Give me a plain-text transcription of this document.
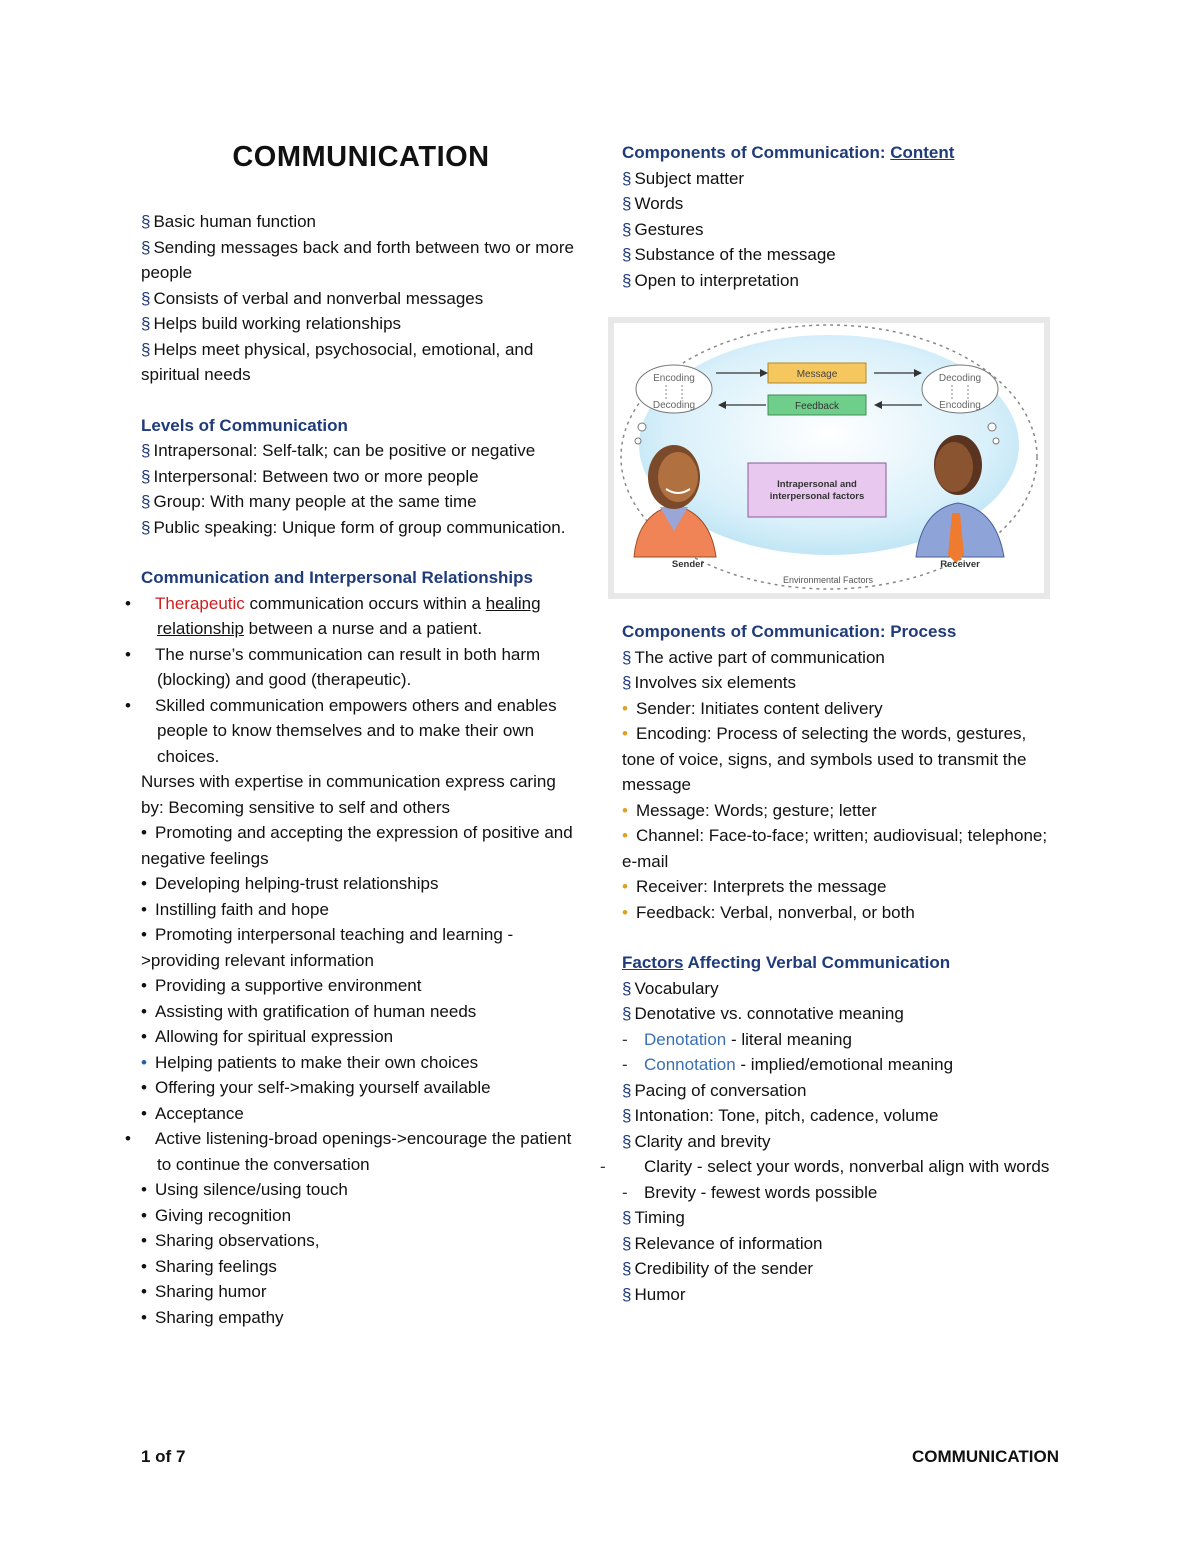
COMMUNICATION
§ Basic human function
§ Sending messages back and forth between two or more people
§ Consists of verbal and nonverbal messages
§ Helps build working relationships
§ Helps meet physical, psychosocial, emotional, and spiritual needs
Levels of Communication
§ Intrapersonal: Self-talk; can be positive or negative
§ Interpersonal: Between two or more people
§ Group: With many people at the same time
§ Public speaking: Unique form of group communication.
Communication and Interpersonal Relationships
• Therapeutic communication occurs within a healing relationship between a nurse and a patient.
• The nurse’s communication can result in both harm (blocking) and good (therapeutic).
• Skilled communication empowers others and enables people to know themselves and to make their own choices.
Nurses with expertise in communication express caring by: Becoming sensitive to self and others
• Promoting and accepting the expression of positive and negative feelings
• Developing helping-trust relationships
• Instilling faith and hope
• Promoting interpersonal teaching and learning ->providing relevant information
• Providing a supportive environment
• Assisting with gratification of human needs
• Allowing for spiritual expression
• Helping patients to make their own choices
• Offering your self->making yourself available
• Acceptance
• Active listening-broad openings->encourage the patient to continue the conversation
• Using silence/using touch
• Giving recognition
• Sharing observations,
• Sharing feelings
• Sharing humor
• Sharing empathy
Components of Communication: Content
§ Subject matter
§ Words
§ Gestures
§ Substance of the message
§ Open to interpretation
Encoding
Decoding
Decoding
Encoding
Message
Feedback
Intrapersonal and
interpersonal factors
Sender	Receiver
Environmental Factors
Components of Communication: Process
§ The active part of communication
§ Involves six elements
• Sender: Initiates content delivery
• Encoding: Process of selecting the words, gestures, tone of voice, signs, and symbols used to transmit the message
• Message: Words; gesture; letter
• Channel: Face-to-face; written; audiovisual; telephone; e-mail
• Receiver: Interprets the message
• Feedback: Verbal, nonverbal, or both
Factors Affecting Verbal Communication
§ Vocabulary
§ Denotative vs. connotative meaning
- Denotation - literal meaning
- Connotation - implied/emotional meaning
§ Pacing of conversation
§ Intonation: Tone, pitch, cadence, volume
§ Clarity and brevity
- Clarity - select your words, nonverbal align with words
- Brevity - fewest words possible
§ Timing
§ Relevance of information
§ Credibility of the sender
§ Humor
1 of 7	COMMUNICATION
